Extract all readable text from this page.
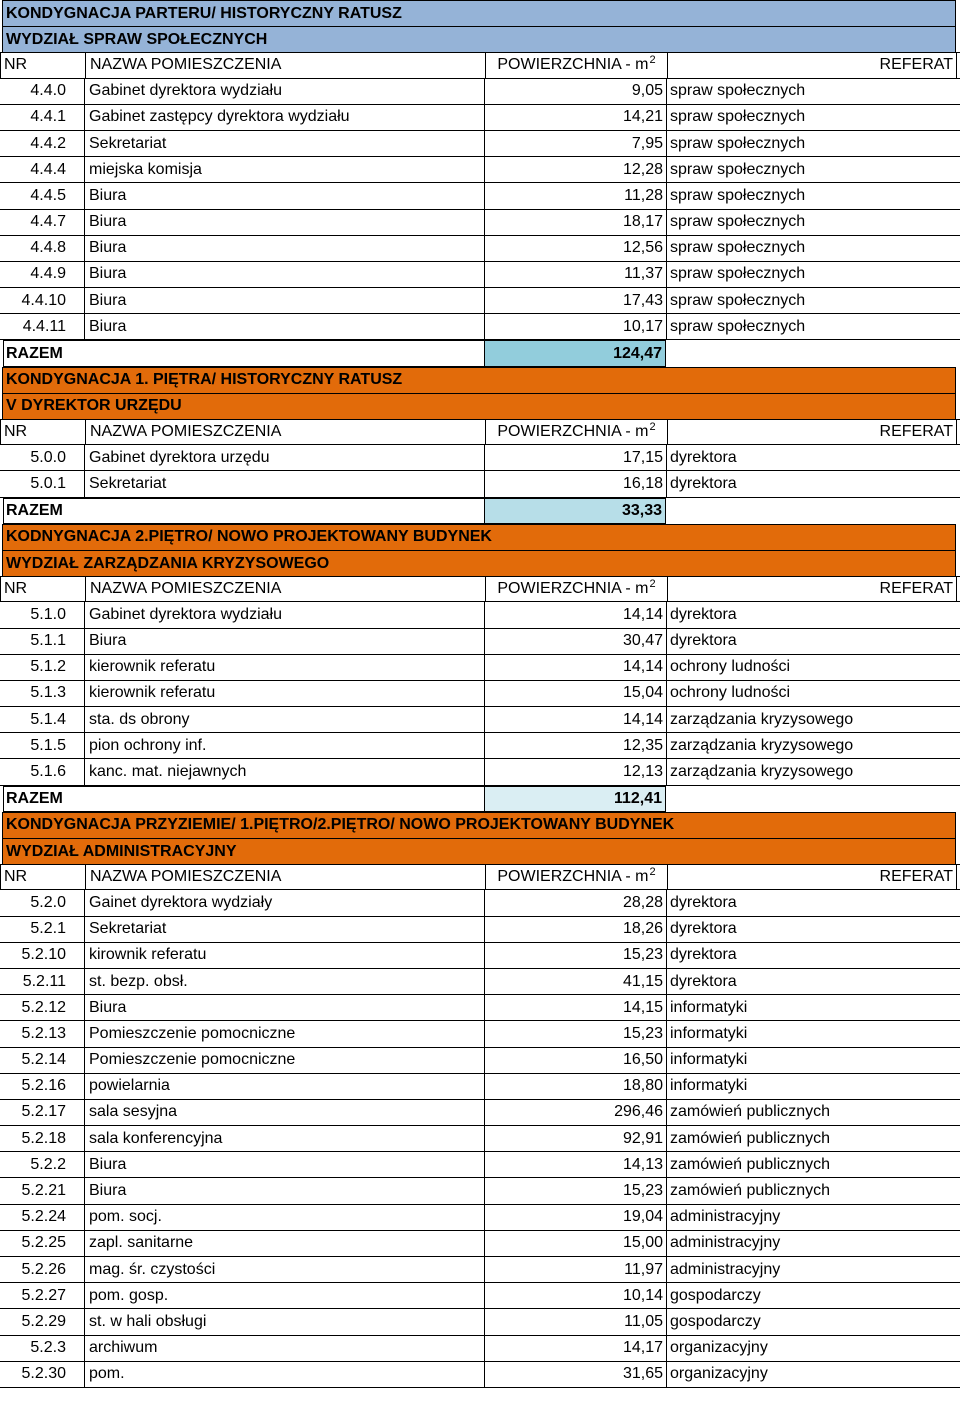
KONDYGNACJA PARTERU/ HISTORYCZNY RATUSZ
WYDZIAŁ SPRAW SPOŁECZNYCH
NR	NAZWA POMIESZCZENIA	POWIERZCHNIA - $m^2$	REFERAT
4.4.0	Gabinet dyrektora wydziału	9,05 spraw społecznych
4.4.1	Gabinet zastępcy dyrektora wydziału	14,21 spraw społecznych
4.4.2	Sekretariat	7,95 spraw społecznych
4.4.4	miejska komisja	12,28 spraw społecznych
4.4.5	Biura	11,28 spraw społecznych
4.4.7	Biura	18,17 spraw społecznych
4.4.8	Biura	12,56 spraw społecznych
4.4.9	Biura	11,37 spraw społecznych
4.4.10	Biura	17,43 spraw społecznych
4.4.11	Biura	10,17 spraw społecznych
RAZEM	124,47
KONDYGNACJA 1. PIĘTRA/ HISTORYCZNY RATUSZ
V DYREKTOR URZĘDU
NR	NAZWA POMIESZCZENIA	POWIERZCHNIA - $m^2$	REFERAT
5.0.0	Gabinet dyrektora urzędu	17,15 dyrektora
5.0.1	Sekretariat	16,18 dyrektora
RAZEM	33,33
KODNYGNACJA 2.PIĘTRO/ NOWO PROJEKTOWANY BUDYNEK
WYDZIAŁ ZARZĄDZANIA KRYZYSOWEGO
NR	NAZWA POMIESZCZENIA	POWIERZCHNIA - $m^2$	REFERAT
5.1.0	Gabinet dyrektora wydziału	14,14 dyrektora
5.1.1	Biura	30,47 dyrektora
5.1.2	kierownik referatu	14,14 ochrony ludności
5.1.3	kierownik referatu	15,04 ochrony ludności
5.1.4	sta. ds obrony	14,14 zarządzania kryzysowego
5.1.5	pion ochrony inf.	12,35 zarządzania kryzysowego
5.1.6	kanc. mat. niejawnych	12,13 zarządzania kryzysowego
RAZEM	112,41
KONDYGNACJA PRZYZIEMIE/ 1.PIĘTRO/2.PIĘTRO/ NOWO PROJEKTOWANY BUDYNEK
WYDZIAŁ ADMINISTRACYJNY
NR	NAZWA POMIESZCZENIA	POWIERZCHNIA - $m^2$	REFERAT
5.2.0	Gainet dyrektora wydziały	28,28 dyrektora
5.2.1	Sekretariat	18,26 dyrektora
5.2.10	kirownik referatu	15,23 dyrektora
5.2.11	st. bezp. obsł.	41,15 dyrektora
5.2.12	Biura	14,15 informatyki
5.2.13	Pomieszczenie pomocniczne	15,23 informatyki
5.2.14	Pomieszczenie pomocniczne	16,50 informatyki
5.2.16	powielarnia	18,80 informatyki
5.2.17	sala sesyjna	296,46 zamówień publicznych
5.2.18	sala konferencyjna	92,91 zamówień publicznych
5.2.2	Biura	14,13 zamówień publicznych
5.2.21	Biura	15,23 zamówień publicznych
5.2.24	pom. socj.	19,04 administracyjny
5.2.25	zapl. sanitarne	15,00 administracyjny
5.2.26	mag. śr. czystości	11,97 administracyjny
5.2.27	pom. gosp.	10,14 gospodarczy
5.2.29	st. w hali obsługi	11,05 gospodarczy
5.2.3	archiwum	14,17 organizacyjny
5.2.30	pom.	31,65 organizacyjny
